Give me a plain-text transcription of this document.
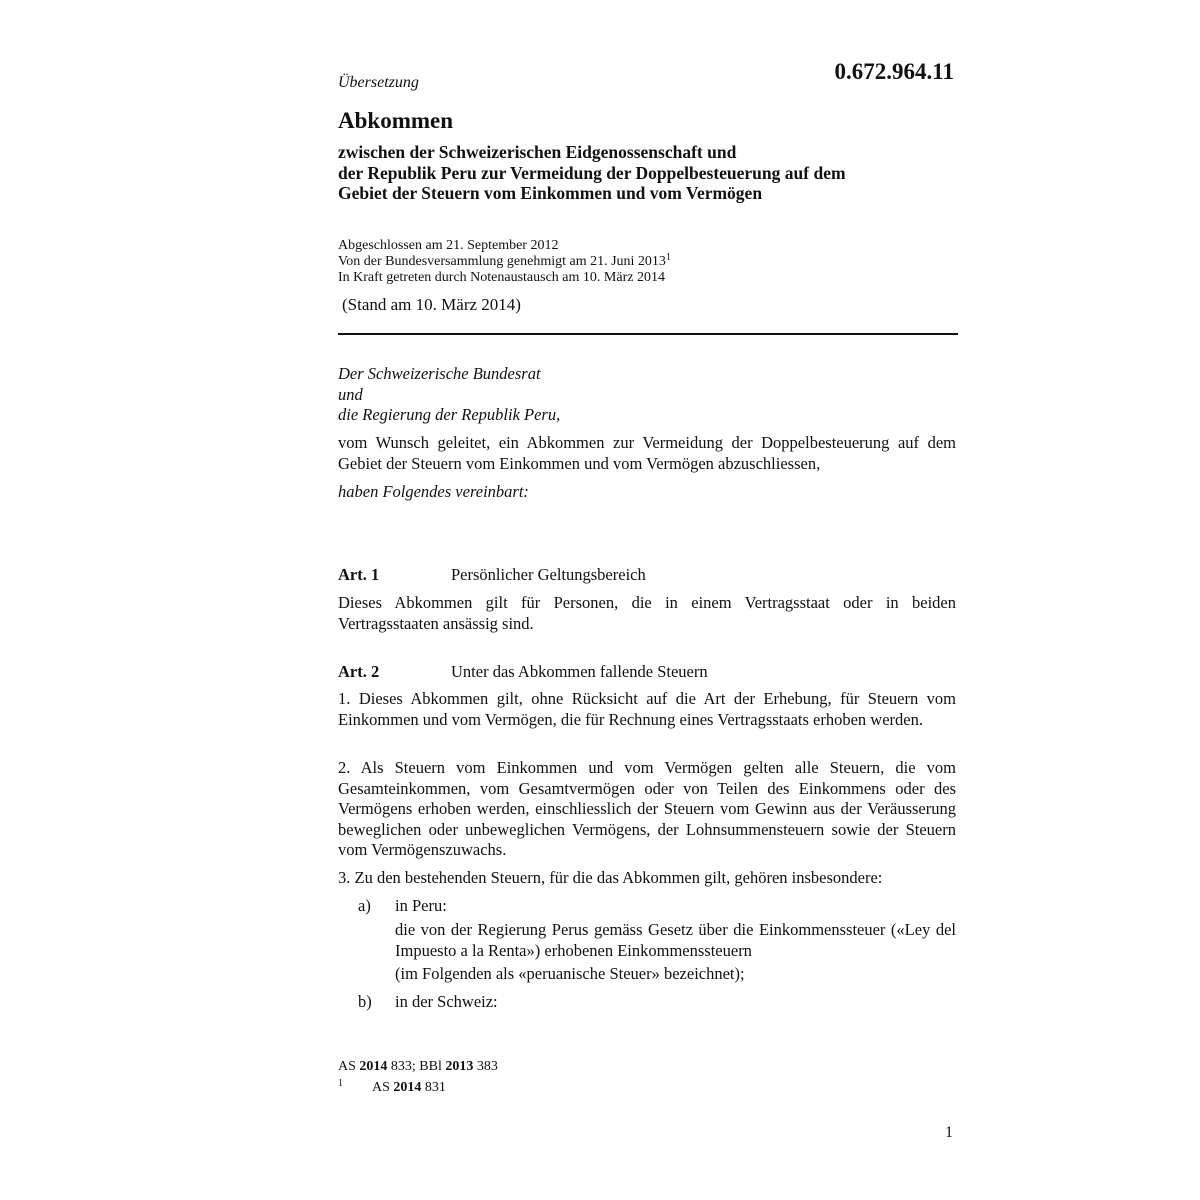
0.672.964.11
Übersetzung
Abkommen
zwischen der Schweizerischen Eidgenossenschaft und
der Republik Peru zur Vermeidung der Doppelbesteuerung auf dem
Gebiet der Steuern vom Einkommen und vom Vermögen
Abgeschlossen am 21. September 2012
Von der Bundesversammlung genehmigt am 21. Juni 2013$^1$
In Kraft getreten durch Notenaustausch am 10. März 2014
(Stand am 10. März 2014)
Der Schweizerische Bundesrat
und
die Regierung der Republik Peru,

vom Wunsch geleitet, ein Abkommen zur Vermeidung der Doppelbesteuerung auf dem Gebiet der Steuern vom Einkommen und vom Vermögen abzuschliessen,

haben Folgendes vereinbart:

Art. 1	Persönlicher Geltungsbereich

Dieses Abkommen gilt für Personen, die in einem Vertragsstaat oder in beiden Vertragsstaaten ansässig sind.

Art. 2	Unter das Abkommen fallende Steuern

1. Dieses Abkommen gilt, ohne Rücksicht auf die Art der Erhebung, für Steuern vom Einkommen und vom Vermögen, die für Rechnung eines Vertragsstaats erhoben werden.

2. Als Steuern vom Einkommen und vom Vermögen gelten alle Steuern, die vom Gesamteinkommen, vom Gesamtvermögen oder von Teilen des Einkommens oder des Vermögens erhoben werden, einschliesslich der Steuern vom Gewinn aus der Veräusserung beweglichen oder unbeweglichen Vermögens, der Lohnsummensteuern sowie der Steuern vom Vermögenszuwachs.

3. Zu den bestehenden Steuern, für die das Abkommen gilt, gehören insbesondere:

a) in Peru:

die von der Regierung Perus gemäss Gesetz über die Einkommenssteuer («Ley del Impuesto a la Renta») erhobenen Einkommenssteuern

(im Folgenden als «peruanische Steuer» bezeichnet);
b) in der Schweiz:
AS 2014 833; BBl 2013 383
1 AS 2014 831
1
